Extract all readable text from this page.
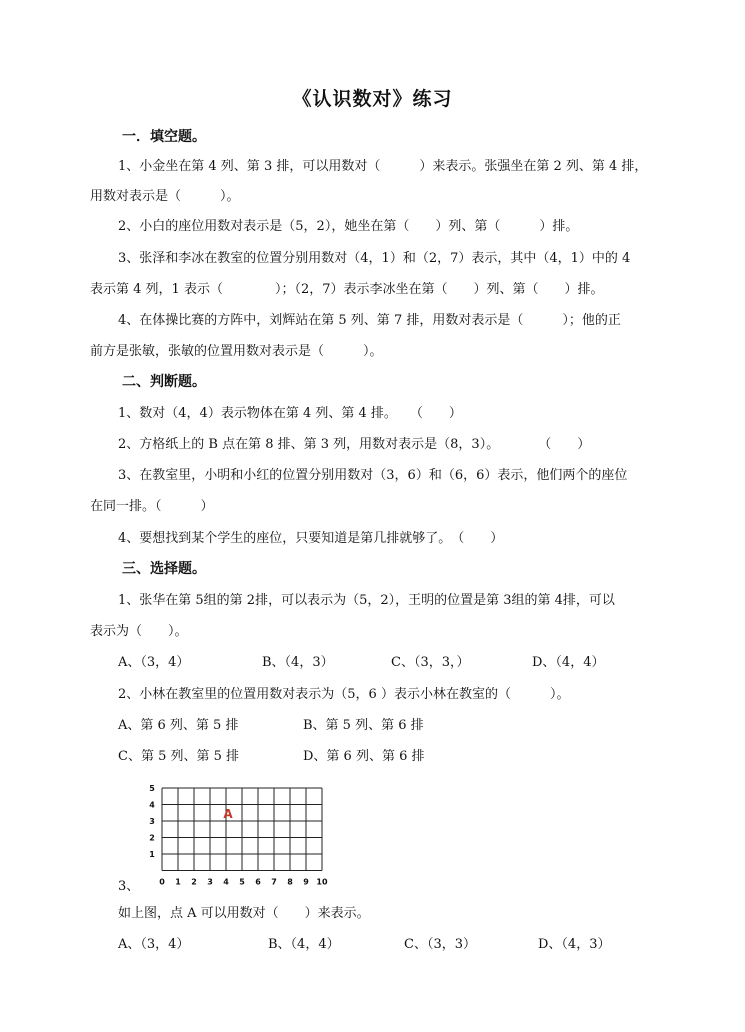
《认识数对》练习
一．填空题。
1、小金坐在第 4 列、第 3 排，可以用数对（　　　）来表示。张强坐在第 2 列、第 4 排，
用数对表示是（　　　）。
2、小白的座位用数对表示是（5，2），她坐在第（　　）列、第（　　　）排。
3、张泽和李冰在教室的位置分别用数对（4，1）和（2，7）表示，其中（4，1）中的 4
表示第 4 列，1 表示（　　　　）；（2，7）表示李冰坐在第（　　）列、第（　　）排。
4、在体操比赛的方阵中，刘辉站在第 5 列、第 7 排，用数对表示是（　　　）；他的正
前方是张敏，张敏的位置用数对表示是（　　　）。
二、判断题。
1、数对（4，4）表示物体在第 4 列、第 4 排。　　（　　）
2、方格纸上的 B 点在第 8 排、第 3 列，用数对表示是（8，3）。　　　　（　　）
3、在教室里，小明和小红的位置分别用数对（3，6）和（6，6）表示，他们两个的座位
在同一排。（　　　）
4、要想找到某个学生的座位，只要知道是第几排就够了。　（　　）
三、选择题。
1、张华在第 5组的第 2排，可以表示为（5，2），王明的位置是第 3组的第 4排，可以
表示为（　　）。
A、（3，4）	B、（4，3）	C、（3，3，）	D、（4，4）
2、小林在教室里的位置用数对表示为（5，6 ）表示小林在教室的（　　　）。
A、第 6 列、第 5 排	B、第 5 列、第 6 排
C、第 5 列、第 5 排	D、第 6 列、第 6 排
0 1 2 3 4 5 6 7 8 9 10
1
2
3
4
5
A
3、
如上图，点 A 可以用数对（　　）来表示。
A、（3，4）	B、（4，4）	C、（3，3）	D、（4，3）
